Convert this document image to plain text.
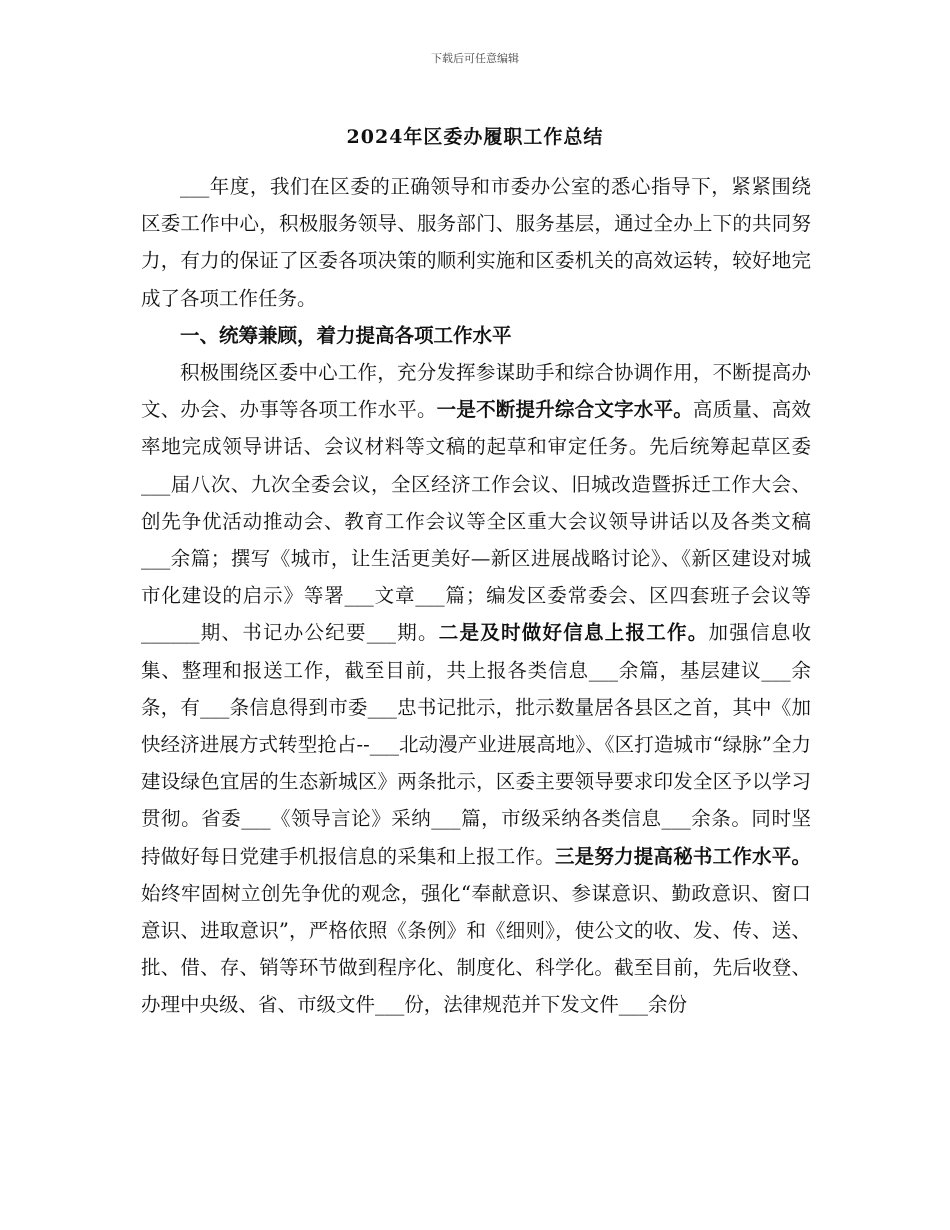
下载后可任意编辑
2024年区委办履职工作总结

___年度，我们在区委的正确领导和市委办公室的悉心指导下，紧紧围绕区委工作中心，积极服务领导、服务部门、服务基层，通过全办上下的共同努力，有力的保证了区委各项决策的顺利实施和区委机关的高效运转，较好地完成了各项工作任务。

一、统筹兼顾，着力提高各项工作水平

积极围绕区委中心工作，充分发挥参谋助手和综合协调作用，不断提高办文、办会、办事等各项工作水平。一是不断提升综合文字水平。高质量、高效率地完成领导讲话、会议材料等文稿的起草和审定任务。先后统筹起草区委___届八次、九次全委会议，全区经济工作会议、旧城改造暨拆迁工作大会、创先争优活动推动会、教育工作会议等全区重大会议领导讲话以及各类文稿___余篇；撰写《城市，让生活更美好—新区进展战略讨论》、《新区建设对城市化建设的启示》等署___文章___篇；编发区委常委会、区四套班子会议等______期、书记办公纪要___期。二是及时做好信息上报工作。加强信息收集、整理和报送工作，截至目前，共上报各类信息___余篇，基层建议___余条，有___条信息得到市委___忠书记批示，批示数量居各县区之首，其中《加快经济进展方式转型抢占--___北动漫产业进展高地》、《区打造城市“绿脉”全力建设绿色宜居的生态新城区》两条批示，区委主要领导要求印发全区予以学习贯彻。省委___《领导言论》采纳___篇，市级采纳各类信息___余条。同时坚持做好每日党建手机报信息的采集和上报工作。三是努力提高秘书工作水平。始终牢固树立创先争优的观念，强化“奉献意识、参谋意识、勤政意识、窗口意识、进取意识”，严格依照《条例》和《细则》，使公文的收、发、传、送、批、借、存、销等环节做到程序化、制度化、科学化。截至目前，先后收登、办理中央级、省、市级文件___份，法律规范并下发文件___余份
